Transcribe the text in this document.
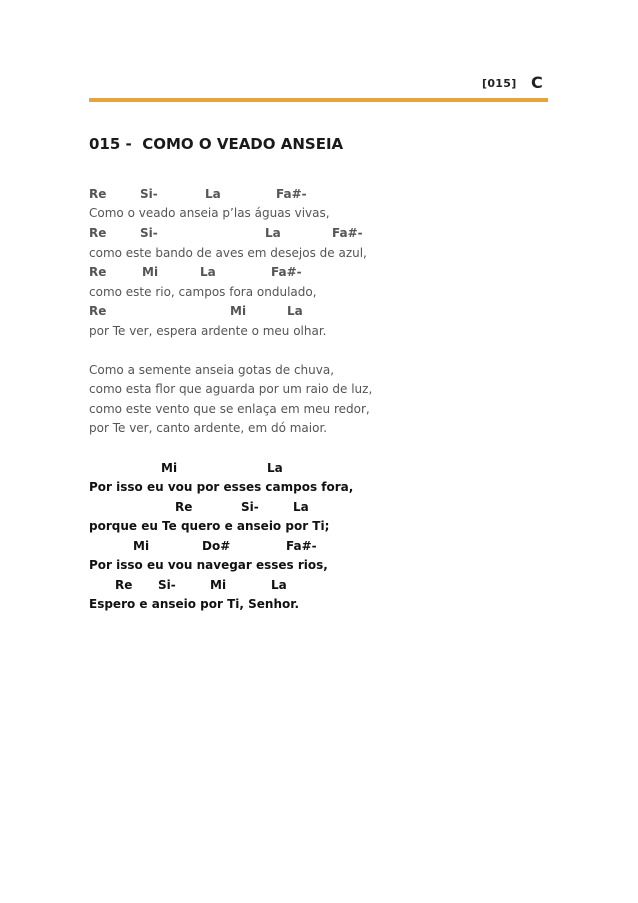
[015] C
015 -  COMO O VEADO ANSEIA

Re

	Si-

	La

	Fa#-

Como o veado anseia p’las águas vivas,

Re

	Si-

	La

	Fa#-

como este bando de aves em desejos de azul,

Re

	Mi

	La

	Fa#-

como este rio, campos fora ondulado,

Re

	Mi

	La

por Te ver, espera ardente o meu olhar.
Como a semente anseia gotas de chuva,
como esta flor que aguarda por um raio de luz,
como este vento que se enlaça em meu redor,
por Te ver, canto ardente, em dó maior.

Mi

	La

Por isso eu vou por esses campos fora,

Re

	Si-

	La

porque eu Te quero e anseio por Ti;

Mi

	Do#

	Fa#-

Por isso eu vou navegar esses rios,

Re

Si-

	Mi

	La

Espero e anseio por Ti, Senhor.
